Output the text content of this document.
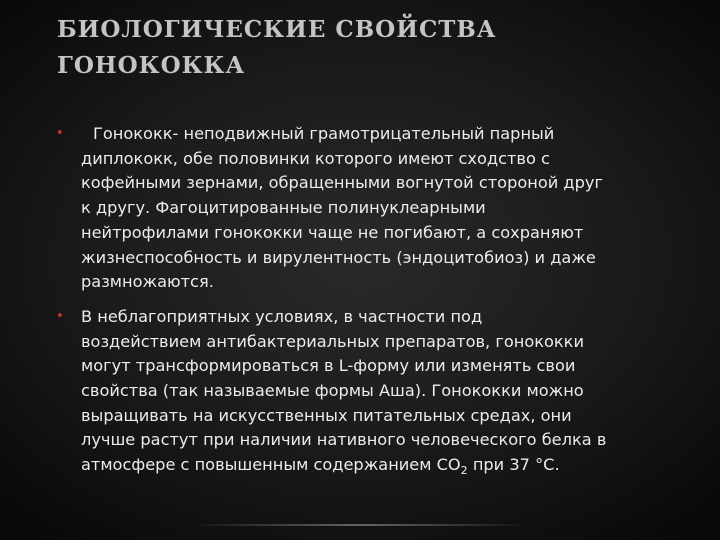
БИОЛОГИЧЕСКИЕ СВОЙСТВА
ГОНОКОККА
• Гонококк- неподвижный грамотрицательный парный
диплококк, обе половинки которого имеют сходство с
кофейными зернами, обращенными вогнутой стороной друг
к другу. Фагоцитированные полинуклеарными
нейтрофилами гонококки чаще не погибают, а сохраняют
жизнеспособность и вирулентность (эндоцитобиоз) и даже
размножаются.
• В неблагоприятных условиях, в частности под
воздействием антибактериальных препаратов, гонококки
могут трансформироваться в L-форму или изменять свои
свойства (так называемые формы Аша). Гонококки можно
выращивать на искусственных питательных средах, они
лучше растут при наличии нативного человеческого белка в
атмосфере с повышенным содержанием $CO_2$ при 37 °С.
